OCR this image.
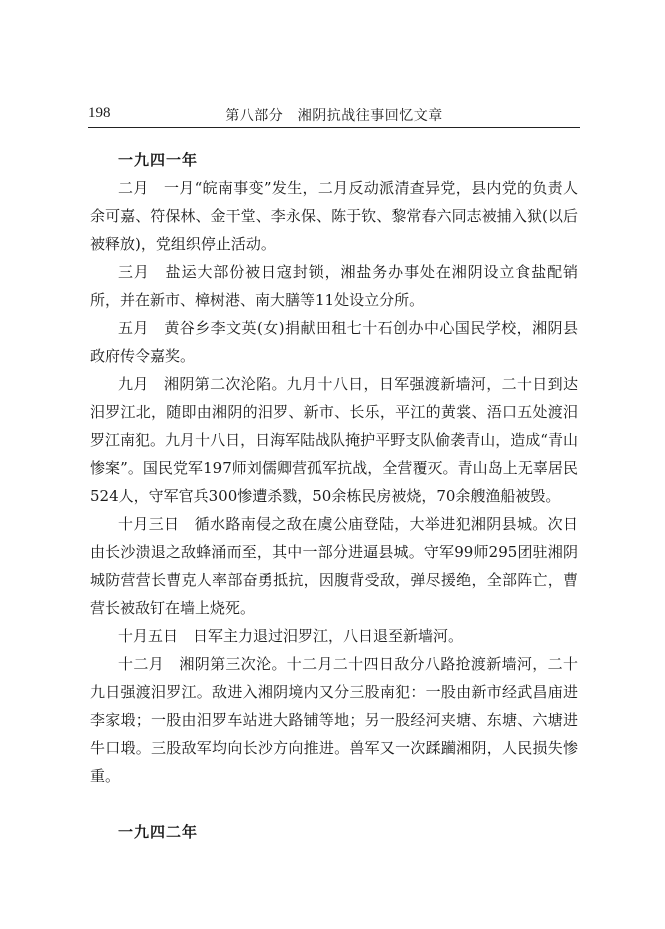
198	第八部分　湘阴抗战往事回忆文章
一九四一年

二月　一月“皖南事变”发生，二月反动派清查异党，县内党的负责人余可嘉、符保林、金干堂、李永保、陈于钦、黎常春六同志被捕入狱(以后被释放)，党组织停止活动。

三月　盐运大部份被日寇封锁，湘盐务办事处在湘阴设立食盐配销所，并在新市、樟树港、南大膳等11处设立分所。

五月　黄谷乡李文英(女)捐献田租七十石创办中心国民学校，湘阴县政府传令嘉奖。

九月　湘阴第二次沦陷。九月十八日，日军强渡新墙河，二十日到达汨罗江北，随即由湘阴的汨罗、新市、长乐，平江的黄裳、浯口五处渡汨罗江南犯。九月十八日，日海军陆战队掩护平野支队偷袭青山，造成“青山惨案”。国民党军197师刘儒卿营孤军抗战，全营覆灭。青山岛上无辜居民524人，守军官兵300惨遭杀戮，50余栋民房被烧，70余艘渔船被毁。

十月三日　循水路南侵之敌在虞公庙登陆，大举进犯湘阴县城。次日由长沙溃退之敌蜂涌而至，其中一部分进逼县城。守军99师295团驻湘阴城防营营长曹克人率部奋勇抵抗，因腹背受敌，弹尽援绝，全部阵亡，曹营长被敌钉在墙上烧死。

十月五日　日军主力退过汨罗江，八日退至新墙河。

十二月　湘阴第三次沦。十二月二十四日敌分八路抢渡新墙河，二十九日强渡汨罗江。敌进入湘阴境内又分三股南犯：一股由新市经武昌庙进李家塅；一股由汨罗车站进大路铺等地；另一股经河夹塘、东塘、六塘进牛口塅。三股敌军均向长沙方向推进。兽军又一次蹂躏湘阴，人民损失惨重。

一九四二年
